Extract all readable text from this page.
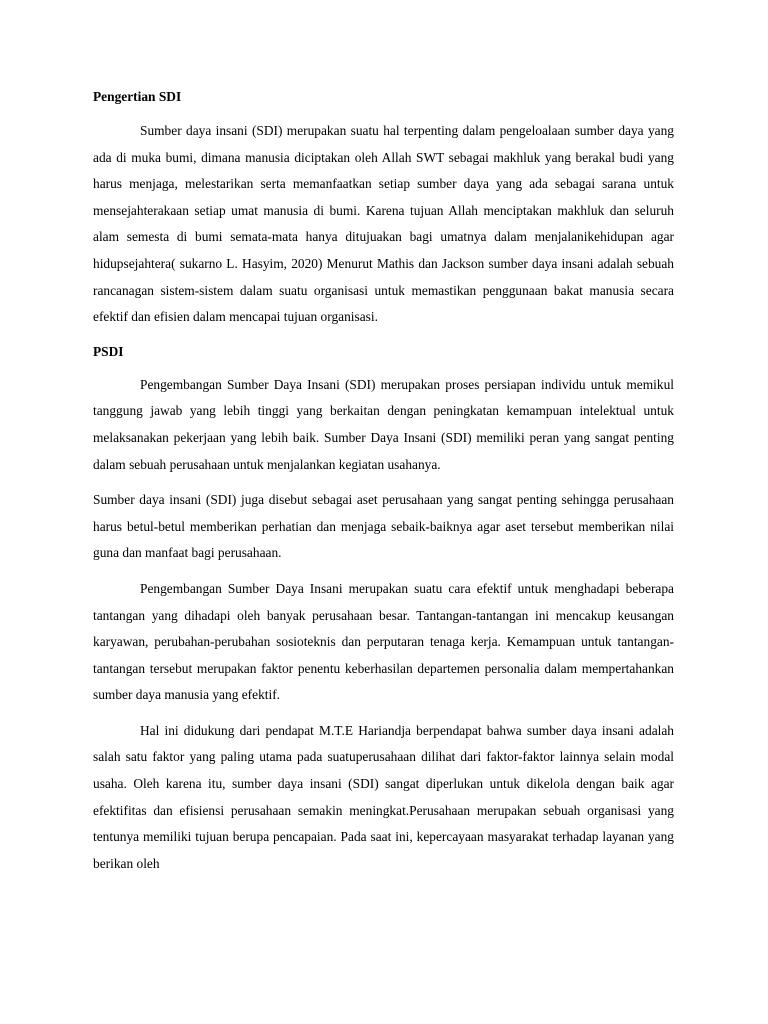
Pengertian SDI

Sumber daya insani (SDI) merupakan suatu hal terpenting dalam pengeloalaan sumber daya yang ada di muka bumi, dimana manusia diciptakan oleh Allah SWT sebagai makhluk yang berakal budi yang harus menjaga, melestarikan serta memanfaatkan setiap sumber daya yang ada sebagai sarana untuk mensejahterakaan setiap umat manusia di bumi. Karena tujuan Allah menciptakan makhluk dan seluruh alam semesta di bumi semata-mata hanya ditujuakan bagi umatnya dalam menjalanikehidupan agar hidupsejahtera( sukarno L. Hasyim, 2020) Menurut Mathis dan Jackson sumber daya insani adalah sebuah rancanagan sistem-sistem dalam suatu organisasi untuk memastikan penggunaan bakat manusia secara efektif dan efisien dalam mencapai tujuan organisasi.

PSDI

Pengembangan Sumber Daya Insani (SDI) merupakan proses persiapan individu untuk memikul tanggung jawab yang lebih tinggi yang berkaitan dengan peningkatan kemampuan intelektual untuk melaksanakan pekerjaan yang lebih baik. Sumber Daya Insani (SDI) memiliki peran yang sangat penting dalam sebuah perusahaan untuk menjalankan kegiatan usahanya.

Sumber daya insani (SDI) juga disebut sebagai aset perusahaan yang sangat penting sehingga perusahaan harus betul-betul memberikan perhatian dan menjaga sebaik-baiknya agar aset tersebut memberikan nilai guna dan manfaat bagi perusahaan.

Pengembangan Sumber Daya Insani merupakan suatu cara efektif untuk menghadapi beberapa tantangan yang dihadapi oleh banyak perusahaan besar. Tantangan-tantangan ini mencakup keusangan karyawan, perubahan-perubahan sosioteknis dan perputaran tenaga kerja. Kemampuan untuk tantangan-tantangan tersebut merupakan faktor penentu keberhasilan departemen personalia dalam mempertahankan sumber daya manusia yang efektif.

Hal ini didukung dari pendapat M.T.E Hariandja berpendapat bahwa sumber daya insani adalah salah satu faktor yang paling utama pada suatuperusahaan dilihat dari faktor-faktor lainnya selain modal usaha. Oleh karena itu, sumber daya insani (SDI) sangat diperlukan untuk dikelola dengan baik agar efektifitas dan efisiensi perusahaan semakin meningkat.Perusahaan merupakan sebuah organisasi yang tentunya memiliki tujuan berupa pencapaian. Pada saat ini, kepercayaan masyarakat terhadap layanan yang berikan oleh
